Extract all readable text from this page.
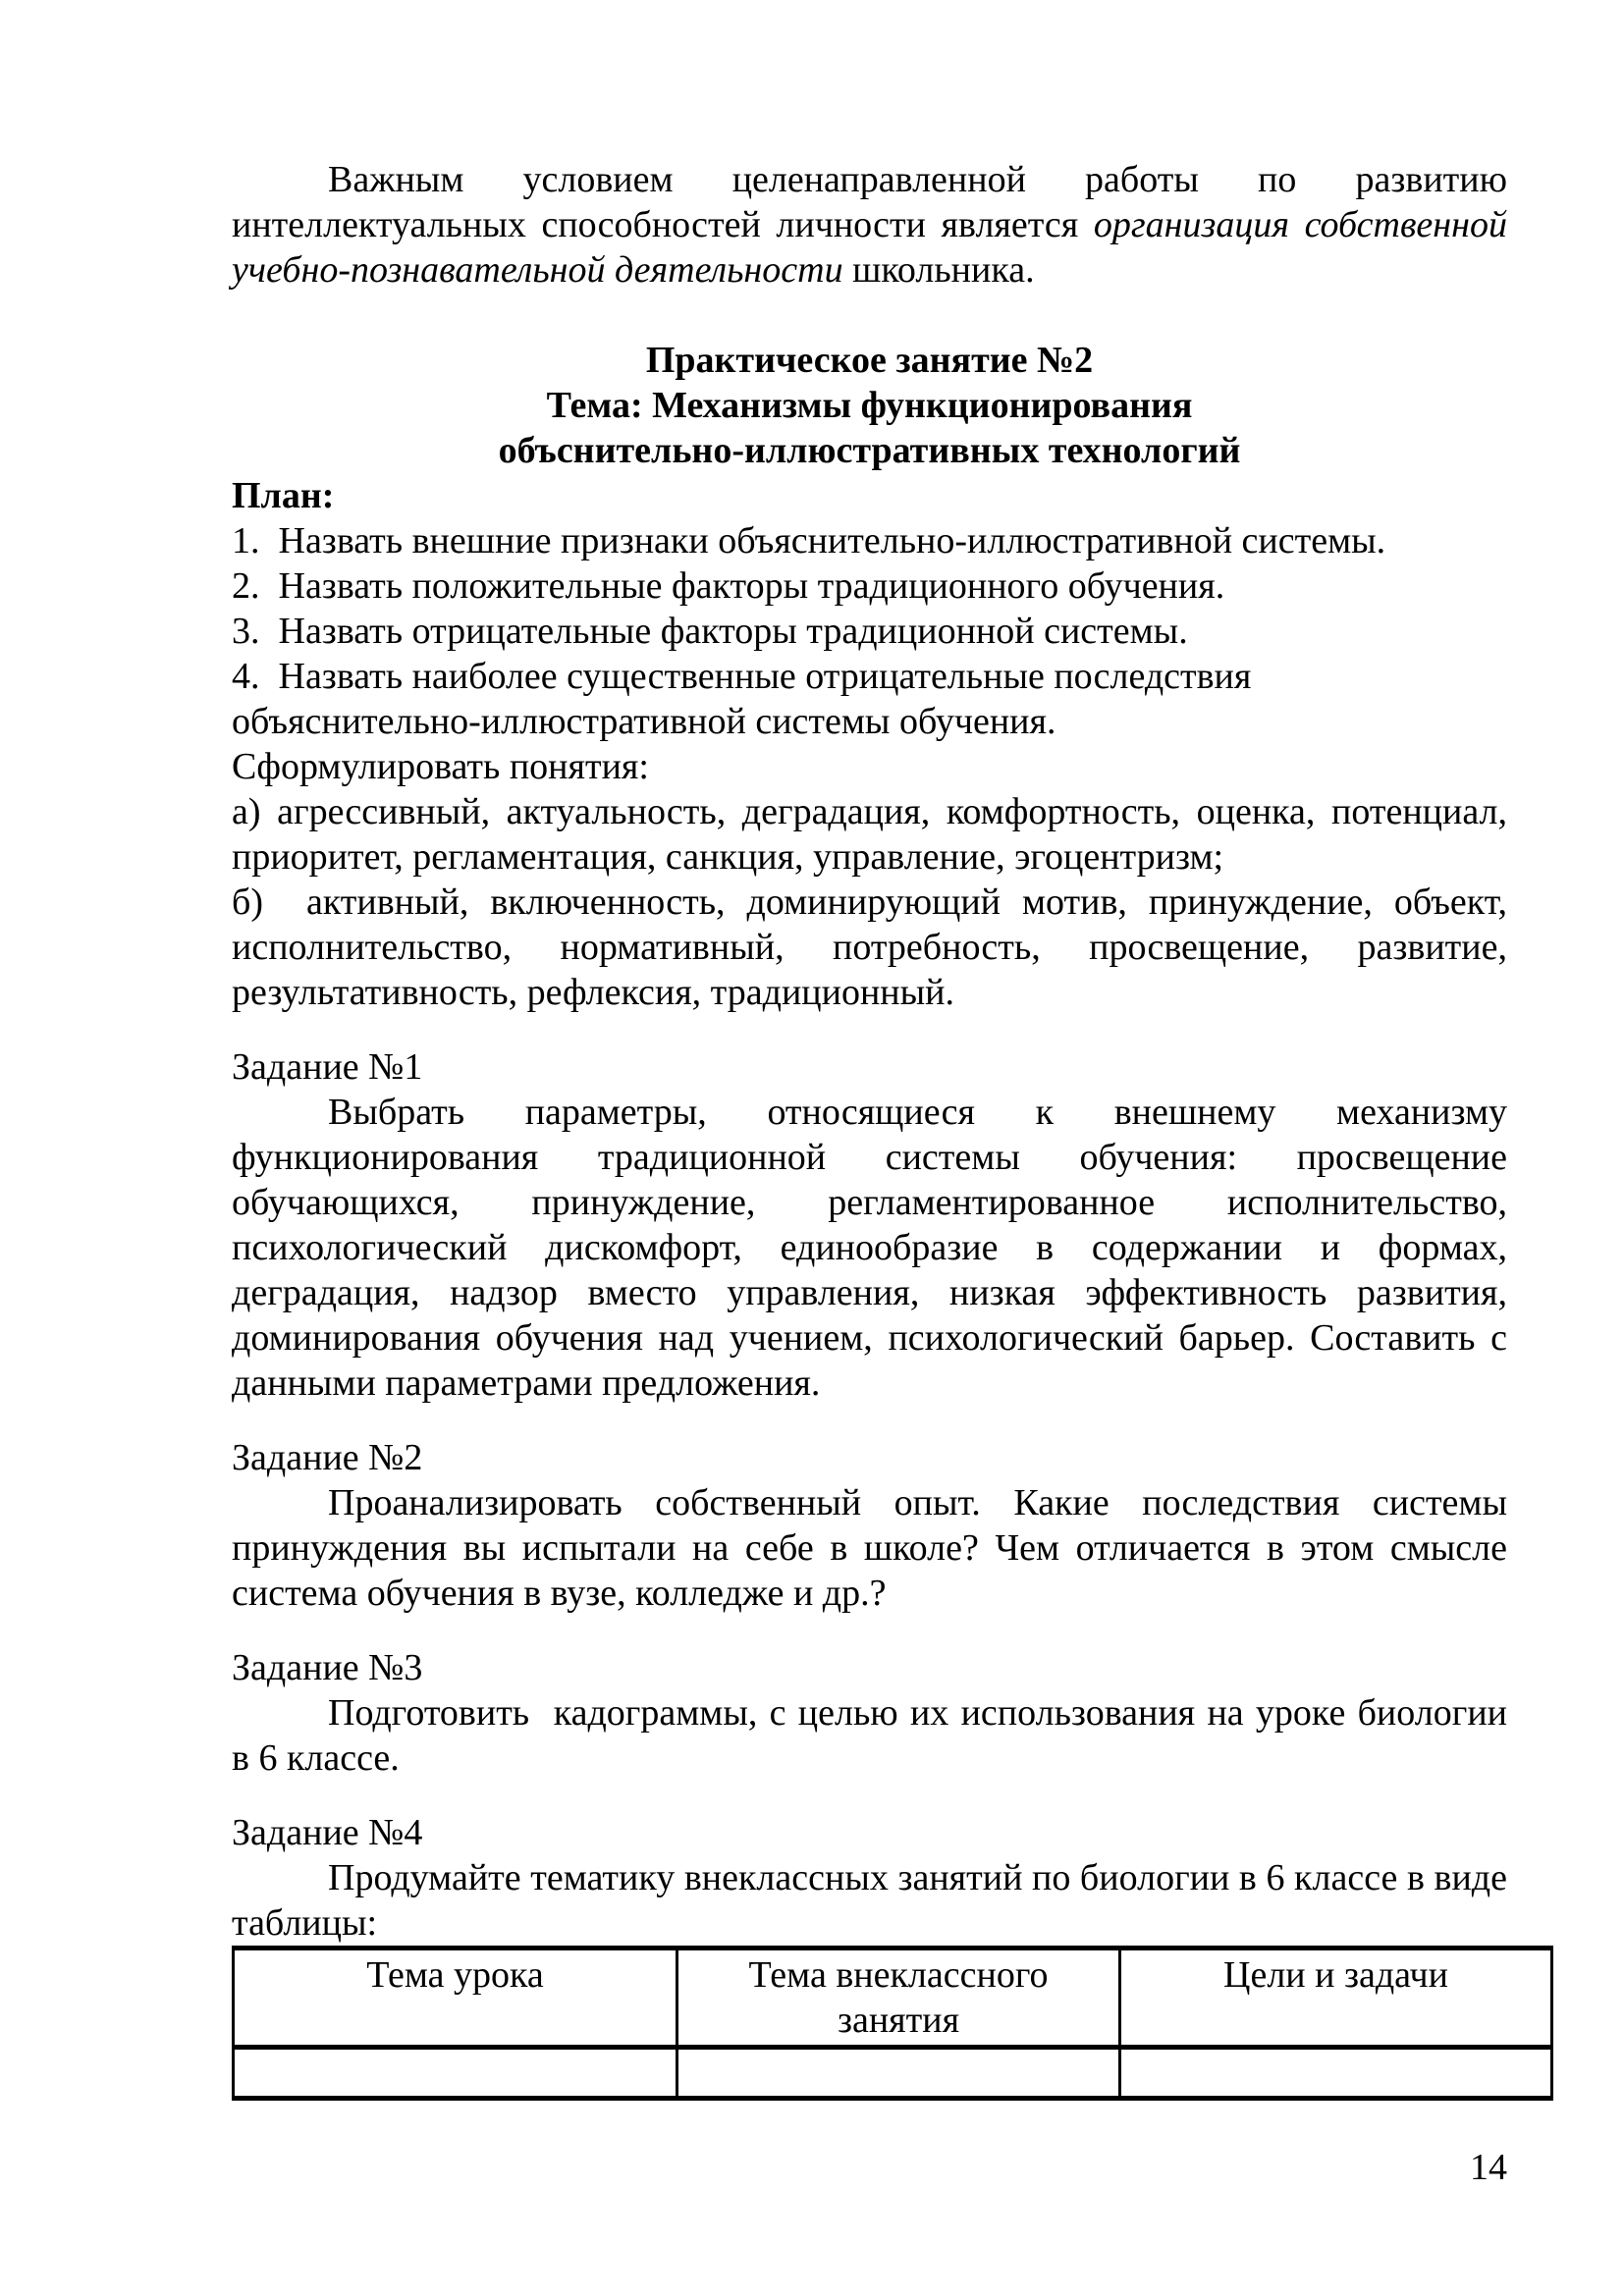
Важным условием целенаправленной работы по развитию интеллектуальных способностей личности является организация собственной учебно-познавательной деятельности школьника.

Практическое занятие №2

Тема: Механизмы функционирования

объснительно-иллюстративных технологий

План:

1.  Назвать внешние признаки объяснительно-иллюстративной системы.

2.  Назвать положительные факторы традиционного обучения.

3.  Назвать отрицательные факторы традиционной системы.

4.  Назвать наиболее существенные отрицательные последствия объяснительно-иллюстративной системы обучения.

Сформулировать понятия:

а) агрессивный, актуальность, деградация, комфортность, оценка, потенциал, приоритет, регламентация, санкция, управление, эгоцентризм;

б)  активный, включенность, доминирующий мотив, принуждение, объект, исполнительство, нормативный, потребность, просвещение, развитие, результативность, рефлексия, традиционный.

Задание №1

Выбрать параметры, относящиеся к внешнему механизму функционирования традиционной системы обучения: просвещение обучающихся, принуждение, регламентированное исполнительство, психологический дискомфорт, единообразие в содержании и формах, деградация, надзор вместо управления, низкая эффективность развития, доминирования обучения над учением, психологический барьер. Составить с данными параметрами предложения.

Задание №2

Проанализировать собственный опыт. Какие последствия системы принуждения вы испытали на себе в школе? Чем отличается в этом смысле система обучения в вузе, колледже и др.?

Задание №3

Подготовить  кадограммы, с целью их использования на уроке биологии в 6 классе.

Задание №4

Продумайте тематику внеклассных занятий по биологии в 6 классе в виде таблицы:

Тема урока	Тема внеклассного занятия	Цели и задачи

14
